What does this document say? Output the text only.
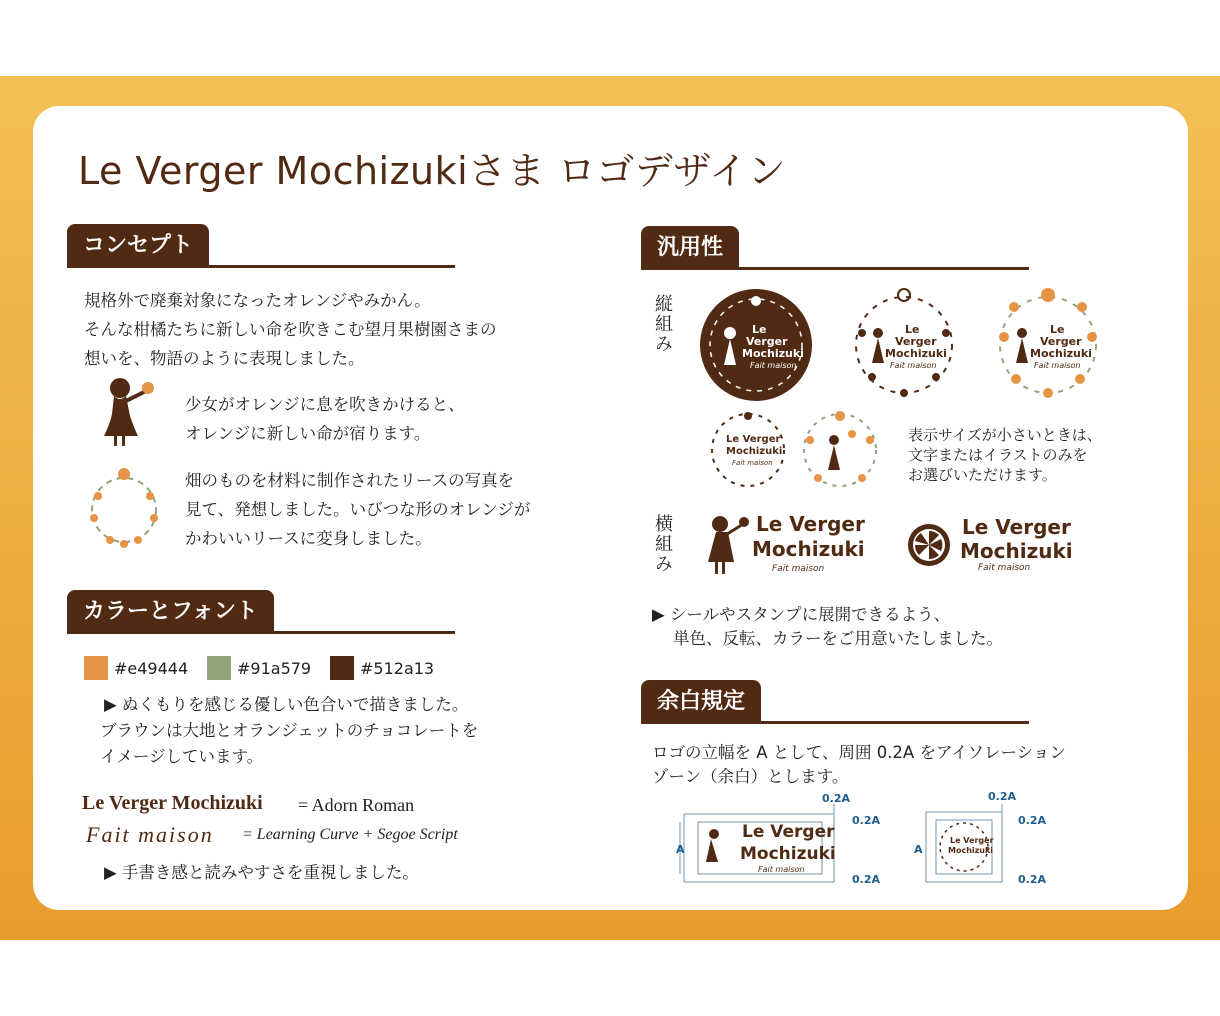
Le Verger Mochizukiさま ロゴデザイン
コンセプト
規格外で廃棄対象になったオレンジやみかん。
そんな柑橘たちに新しい命を吹きこむ望月果樹園さまの
想いを、物語のように表現しました。
少女がオレンジに息を吹きかけると、
オレンジに新しい命が宿ります。
畑のものを材料に制作されたリースの写真を
見て、発想しました。いびつな形のオレンジが
かわいいリースに変身しました。
カラーとフォント
#e49444	#91a579	#512a13
▶ ぬくもりを感じる優しい色合いで描きました。
ブラウンは大地とオランジェットのチョコレートを
イメージしています。
Le Verger Mochizuki = Adorn Roman
Fait maison = Learning Curve + Segoe Script
▶ 手書き感と読みやすさを重視しました。
汎用性
縦組み
横組み
Le
Verger
Mochizuki
Fait maison
Le
Verger
Mochizuki
Fait maison
Le
Verger
Mochizuki
Fait maison
Le Verger
Mochizuki
Fait maison
表示サイズが小さいときは、
文字またはイラストのみを
お選びいただけます。
Le Verger
Mochizuki
Fait maison
Le Verger
Mochizuki
Fait maison
▶ シールやスタンプに展開できるよう、
単色、反転、カラーをご用意いたしました。
余白規定
ロゴの立幅を A として、周囲 0.2A をアイソレーション
ゾーン（余白）とします。
Le Verger
Mochizuki
Fait maison
A
0.2A
0.2A
0.2A
Le Verger
Mochizuki
A
0.2A
0.2A
0.2A
